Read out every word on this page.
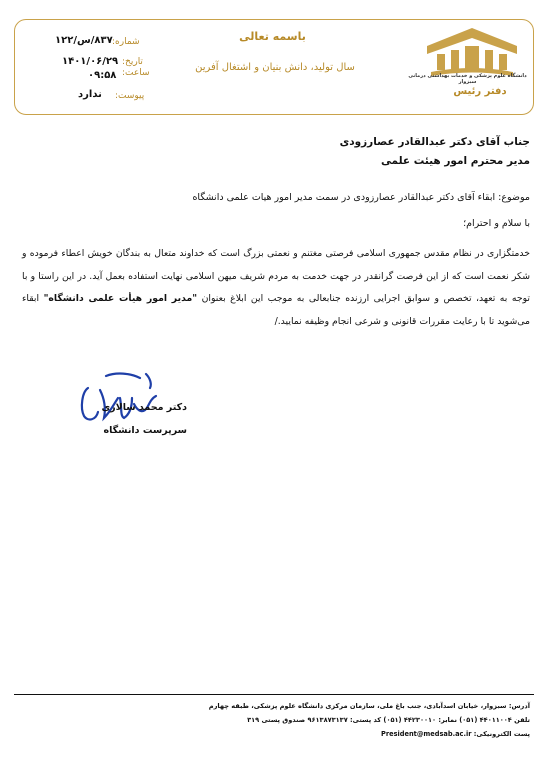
دانشگاه علوم پزشکی و خدمات بهداشتی درمانی سبزوار
دفتر رئیس
باسمه تعالی
سال تولید، دانش بنیان و اشتغال آفرین
شماره:
۸۳۷/س/۱۲۲
تاریخ:
۱۴۰۱/۰۶/۲۹
ساعت:
۰۹:۵۸
پیوست:
ندارد
جناب آقای دکتر عبدالقادر عصارزودی
مدیر محترم امور هیئت علمی
موضوع: ابقاء آقای دکتر عبدالقادر عصارزودی در سمت مدیر امور هیات علمی دانشگاه
با سلام و احترام؛
خدمتگزاری در نظام مقدس جمهوری اسلامی فرصتی مغتنم و نعمتی بزرگ است که خداوند متعال به بندگان خویش اعطاء فرموده و شکر نعمت است که از این فرصت گرانقدر در جهت خدمت به مردم شریف میهن اسلامی نهایت استفاده بعمل آید. در این راستا و با توجه به تعهد، تخصص و سوابق اجرایی ارزنده جنابعالی به موجب این ابلاغ بعنوان "مدیر امور هیأت علمی دانشگاه" ابقاء می‌شوید تا با رعایت مقررات قانونی و شرعی انجام وظیفه نمایید./
دکتر محمد سالاری
سرپرست دانشگاه
آدرس: سبزوار، خیابان اسدآبادی، جنب باغ ملی، سازمان مرکزی دانشگاه علوم پزشکی، طبقه چهارم
تلفن ۴۴۰۱۱۰۰۴ (۰۵۱) نمابر: ۴۴۲۳۰۰۱۰ (۰۵۱) کد پستی: ۹۶۱۳۸۷۳۱۳۷ صندوق پستی ۳۱۹
پست الکترونیکی: President@medsab.ac.ir
